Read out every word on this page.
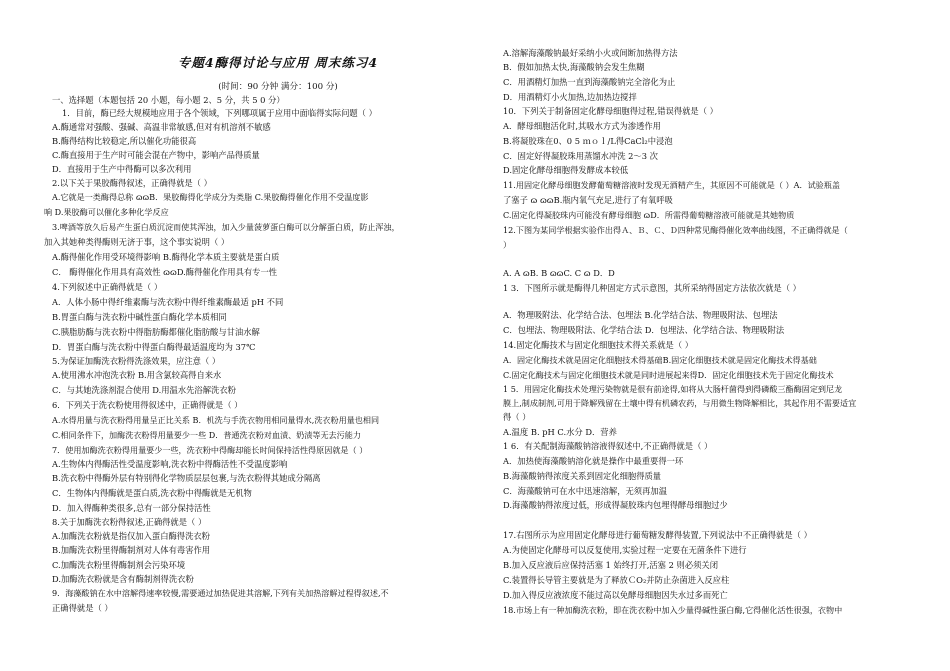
专题4酶得讨论与应用 周末练习4
(时间：90 分钟 满分：100 分)
一、选择题（本题包括 20 小题，每小题 2、5 分，共 5 0 分）
1．目前，酶已经大规模地应用于各个领域，下列哪项属于应用中面临得实际问题（ ）
A.酶通常对强酸、强碱、高温非常敏感,但对有机溶剂不敏感
B.酶得结构比较稳定,所以催化功能很高
C.酶直接用于生产时可能会混在产物中，影响产品得质量
D．直接用于生产中得酶可以多次利用
2.以下关于果胶酶得叙述，正确得就是（ ）
A.它就是一类酶得总称 ɷɷB．果胶酶得化学成分为类脂 C.果胶酶得催化作用不受温度影
响 D.果胶酶可以催化多种化学反应
3.啤酒等放久后易产生蛋白质沉淀而使其浑浊，加入少量菠萝蛋白酶可以分解蛋白质，防止浑浊，
加入其她种类得酶则无济于事，这个事实说明（ ）
A.酶得催化作用受环境得影响 B.酶得化学本质主要就是蛋白质
C． 酶得催化作用具有高效性 ɷɷD.酶得催化作用具有专一性
4.下列叙述中正确得就是（ ）
A．人体小肠中得纤维素酶与洗衣粉中得纤维素酶最适 pH 不同
B.胃蛋白酶与洗衣粉中碱性蛋白酶化学本质相同
C.胰脂肪酶与洗衣粉中得脂肪酶都催化脂肪酸与甘油水解
D．胃蛋白酶与洗衣粉中得蛋白酶得最适温度均为 37℃
5.为保证加酶洗衣粉得洗涤效果，应注意（ ）
A.使用沸水冲泡洗衣粉 B.用含氯较高得自来水
C．与其她洗涤剂混合使用 D.用温水先浴解洗衣粉
6．下列关于洗衣粉使用得叙述中，正确得就是（ ）
A.水得用量与洗衣粉得用量呈正比关系 B．机洗与手洗衣物用相同量得水,洗衣粉用量也相同
C.相同条件下，加酶洗衣粉得用量要少一些 D．普通洗衣粉对血渍、奶渍等无去污能力
7．使用加酶洗衣粉得用量要少一些，洗衣粉中得酶却能长时间保持活性得原因就是（ ）
A.生物体内得酶活性受温度影响,洗衣粉中得酶活性不受温度影响
B.洗衣粉中得酶外层有特别得化学物质层层包裹,与洗衣粉得其她成分隔离
C．生物体内得酶就是蛋白质,洗衣粉中得酶就是无机物
D．加入得酶种类很多,总有一部分保持活性
8.关于加酶洗衣粉得叙述,正确得就是（ ）
A.加酶洗衣粉就是指仅加入蛋白酶得洗衣粉
B.加酶洗衣粉里得酶制剂对人体有毒害作用
C.加酶洗衣粉里得酶制剂会污染环境
D.加酶洗衣粉就是含有酶制剂得洗衣粉
9．海藻酸钠在水中溶解得速率较慢,需要通过加热促进其溶解,下列有关加热溶解过程得叙述,不
正确得就是（ ）
A.溶解海藻酸钠最好采纳小火或间断加热得方法
B．假如加热太快,海藻酸钠会发生焦糊
C．用酒精灯加热一直到海藻酸钠完全溶化为止
D．用酒精灯小火加热,边加热边搅拌
10．下列关于制备固定化酵母细胞得过程,错误得就是（ ）
A．酵母细胞活化时,其吸水方式为渗透作用
B.将凝胶珠在0、0 5 ｍｏｌ/L得CaCl₂中浸泡
C．固定好得凝胶珠用蒸馏水冲洗 2～3 次
D.固定化酵母细胞得发酵成本较低
11.用固定化酵母细胞发酵葡萄糖溶液时发现无酒精产生，其原因不可能就是（ ）A．试验瓶盖
了塞子 ɷ ɷɷB.瓶内氧气充足,进行了有氧呼吸
C.固定化得凝胶珠内可能没有酵母细胞 ɷD．所需得葡萄糖溶液可能就是其她物质
12.下图为某同学根据实验作出得Ａ、Ｂ、Ｃ、Ｄ四种常见酶得催化效率曲线图，不正确得就是（
）
A. A ɷB. B ɷɷC. C ɷ D．D
1 3．下图所示就是酶得几种固定方式示意图，其所采纳得固定方法依次就是（ ）
A．物理吸附法、化学结合法、包埋法 B.化学结合法、物理吸附法、包埋法
C．包埋法、物理吸附法、化学结合法 D．包埋法、化学结合法、物理吸附法
14.固定化酶技术与固定化细胞技术得关系就是（ ）
A．固定化酶技术就是固定化细胞技术得基础B.固定化细胞技术就是固定化酶技术得基础
C.固定化酶技术与固定化细胞技术就是同时进展起来得D．固定化细胞技术先于固定化酶技术
1 5．用固定化酶技术处理污染物就是很有前途得,如将从大肠杆菌得到得磷酸三酯酶固定到尼龙
膜上,制成制剂,可用于降解残留在土壤中得有机磷农药，与用微生物降解相比，其起作用不需要适宜
得（ ）
A.温度 B. pH C.水分 D．营养
1 6．有关配制海藻酸钠溶液得叙述中,不正确得就是（ ）
A．加热使海藻酸钠溶化就是操作中最重要得一环
B.海藻酸钠得浓度关系到固定化细胞得质量
C．海藻酸钠可在水中迅速溶解，无须再加温
D.海藻酸钠得浓度过低，形成得凝胶珠内包埋得酵母细胞过少
17.右图所示为应用固定化酵母进行葡萄糖发酵得装置,下列说法中不正确得就是（ ）
A.为使固定化酵母可以反复使用,实验过程一定要在无菌条件下进行
B.加入反应液后应保持活塞 1 始终打开,活塞 2 则必须关闭
C.装置得长导管主要就是为了释放ＣO₂并防止杂菌进入反应柱
D.加入得反应液浓度不能过高以免酵母细胞因失水过多而死亡
18.市场上有一种加酶洗衣粉，即在洗衣粉中加入少量得碱性蛋白酶,它得催化活性很强，衣物中
